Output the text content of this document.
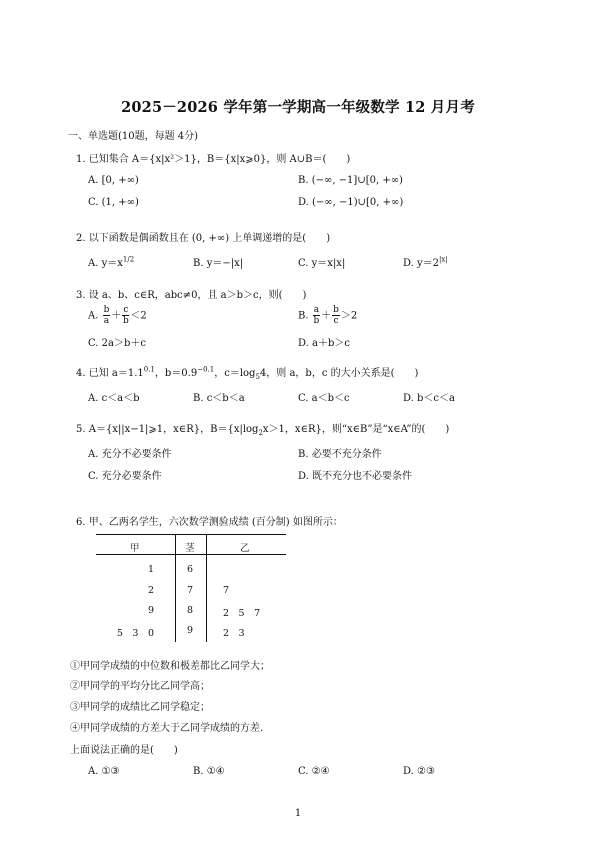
2025－2026 学年第一学期高一年级数学 12 月月考
一、单选题(10题，每题 4分)
1. 已知集合 A＝{x|x²＞1}，B＝{x|x⩾0}，则 A∪B＝(　　)
A. [0, +∞)	B. (−∞, −1]∪[0, +∞)
C. (1, +∞)	D. (−∞, −1)∪[0, +∞)
2. 以下函数是偶函数且在 (0, +∞) 上单调递增的是(　　)
A. $y=x^{1/2}$	B. y＝−|x|	C. y＝x|x|	D. $y=2^{|x|}$
3. 设 a、b、c∈R，abc≠0，且 a＞b＞c，则(　　)
A. $\frac{b}{a} + \frac{c}{b} <2$	B. $\frac{a}{b} + \frac{b}{c} >2$
C. 2a＞b＋c	D. a＋b＞c
4. 已知 $a=1.1^{0.1}$，$b=0.9^{-0.1}$，$c=\log_54$，则 a，b，c 的大小关系是(　　)
A. c＜a＜b	B. c＜b＜a	C. a＜b＜c	D. b＜c＜a
5. A＝{x||x−1|⩾1，x∈R}，$B=\{x|\log_2x>1$，x∈R}，则“x∈B”是“x∈A”的(　　)
A. 充分不必要条件	B. 必要不充分条件
C. 充分必要条件	D. 既不充分也不必要条件
6. 甲、乙两名学生，六次数学测验成绩 (百分制) 如图所示：
甲	茎	乙
1	6
2	7	7
9	8	2　5　7
5　3　0	9	2　3
①甲同学成绩的中位数和极差都比乙同学大；
②甲同学的平均分比乙同学高；
③甲同学的成绩比乙同学稳定；
④甲同学成绩的方差大于乙同学成绩的方差.
上面说法正确的是(　　)
A. ①③	B. ①④	C. ②④	D. ②③
1
